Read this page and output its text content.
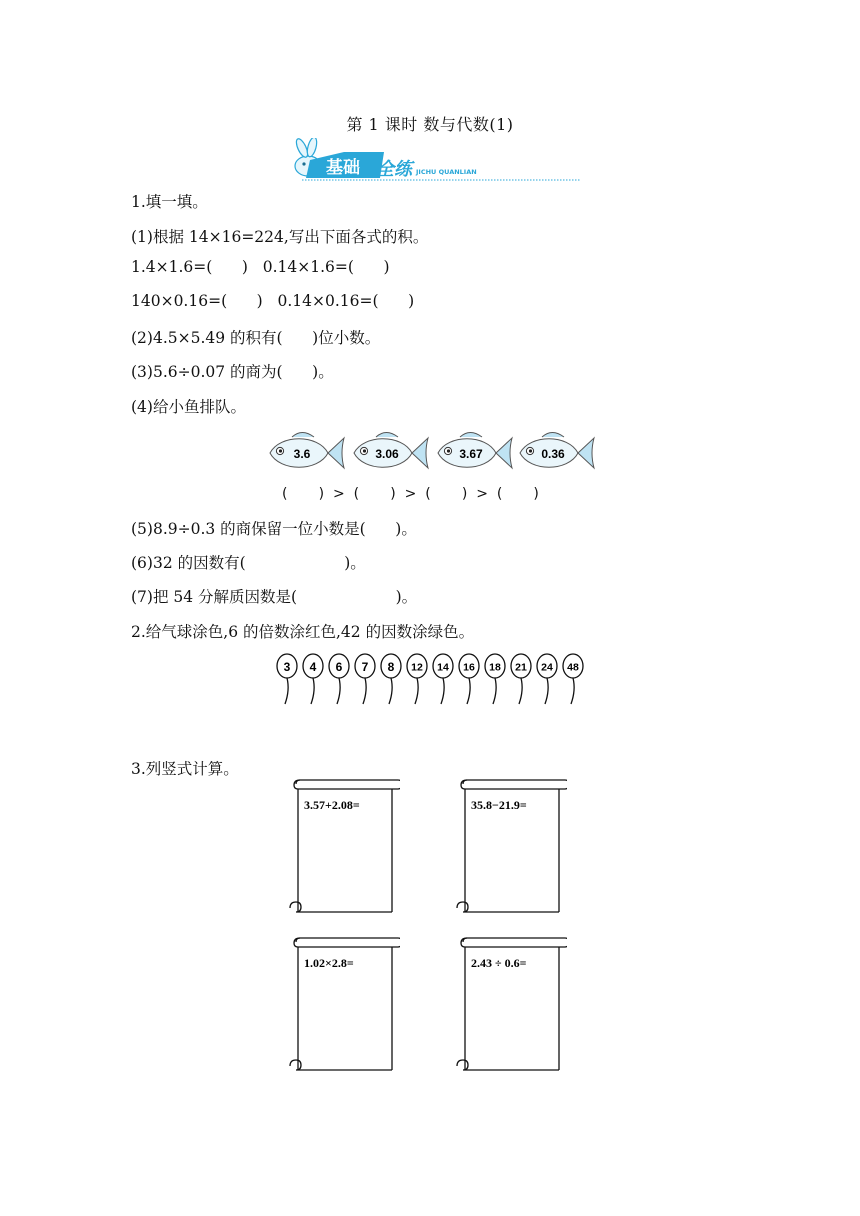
第 1 课时 数与代数(1)
基础 全练 JICHU QUANLIAN
1.填一填。
(1)根据 14×16=224,写出下面各式的积。
1.4×1.6=(      )   0.14×1.6=(      )
140×0.16=(      )   0.14×0.16=(      )
(2)4.5×5.49 的积有(      )位小数。
(3)5.6÷0.07 的商为(      )。
(4)给小鱼排队。
3.6	3.06	3.67	0.36
(       )  >  (       )  >  (       )  >  (       )
(5)8.9÷0.3 的商保留一位小数是(      )。
(6)32 的因数有(                    )。
(7)把 54 分解质因数是(                    )。
2.给气球涂色,6 的倍数涂红色,42 的因数涂绿色。
3 4 6 7 8 12 14 16 18 21 24 48
3.列竖式计算。
3.57+2.08=	35.8−21.9=
1.02×2.8=	2.43 ÷ 0.6=
